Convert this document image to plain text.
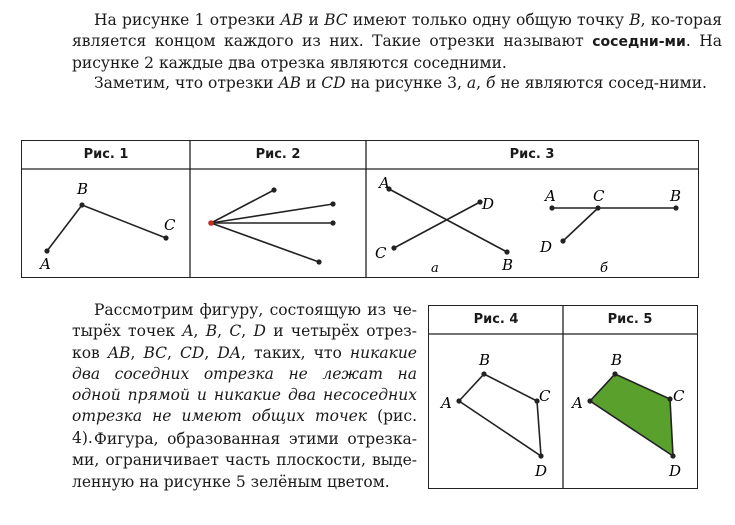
На рисунке 1 отрезки AB и BC имеют только одну общую точку B, ко-торая является концом каждого из них. Такие отрезки называют соседни-ми. На рисунке 2 каждые два отрезка являются соседними.
Заметим, что отрезки AB и CD на рисунке 3, а, б не являются сосед-ними.
Рис. 1	Рис. 2	Рис. 3
A
B
C
A
B
C
D
а
A C	B
D
б
Рис. 4	Рис. 5
A
B
C
D
A
B
C
D
Рассмотрим фигуру, состоящую из че-тырёх точек A, B, C, D и четырёх отрез-ков AB, BC, CD, DA, таких, что никакие два соседних отрезка не лежат на одной прямой и никакие два несоседних отрезка не имеют общих точек (рис. 4). Фигура, образованная этими отрезка-ми, ограничивает часть плоскости, выде-ленную на рисунке 5 зелёным цветом.
